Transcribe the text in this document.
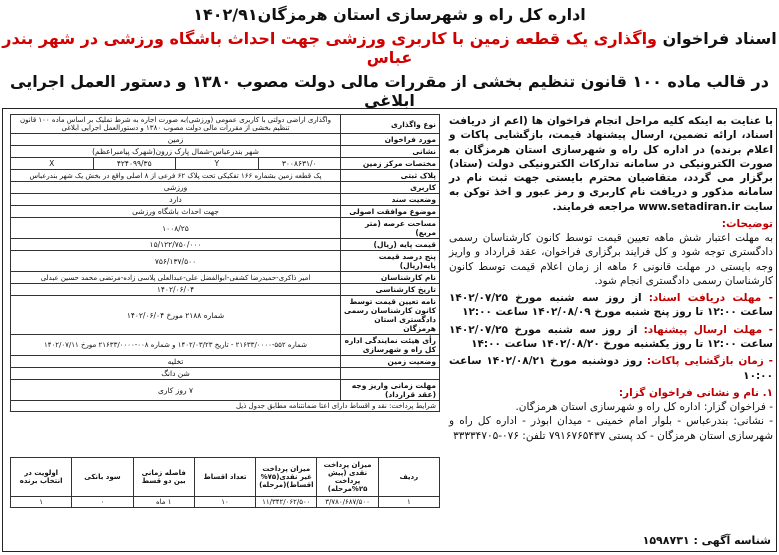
اداره کل راه و شهرسازی استان هرمزگان۱۴۰۲/۹۱
اسناد فراخوان واگذاری یک قطعه زمین با کاربری ورزشی جهت احداث باشگاه ورزشی در شهر بندر عباس
در قالب ماده ۱۰۰ قانون تنظیم بخشی از مقررات مالی دولت مصوب ۱۳۸۰ و دستور العمل اجرایی ابلاغی

با عنایت به اینکه کلیه مراحل انجام فراخوان ها (اعم از دریافت اسناد، ارائه تضمین، ارسال پیشنهاد قیمت، بازگشایی پاکات و اعلام برنده) در اداره کل راه و شهرسازی استان هرمزگان به صورت الکترونیکی در سامانه تدارکات الکترونیکی دولت (ستاد) برگزار می گردد، متقاضیان محترم بایستی جهت ثبت نام در سامانه مذکور و دریافت نام کاربری و رمز عبور و اخذ توکن به سایت www.setadiran.ir مراجعه فرمایند.

توضیحات:
به مهلت اعتبار شش ماهه تعیین قیمت توسط کانون کارشناسان رسمی دادگستری توجه شود و کل فرایند برگزاری فراخوان، عقد قرارداد و واریز وجه بایستی در مهلت قانونی ۶ ماهه از زمان اعلام قیمت توسط کانون کارشناسان رسمی دادگستری انجام شود.

- مهلت دریافت اسناد: از روز سه شنبه مورخ ۱۴۰۲/۰۷/۲۵ ساعت ۱۲:۰۰ تا روز پنج شنبه مورخ ۱۴۰۲/۰۸/۰۹ ساعت ۱۲:۰۰

- مهلت ارسال پیشنهاد: از روز سه شنبه مورخ ۱۴۰۲/۰۷/۲۵ ساعت ۱۲:۰۰ تا روز یکشنبه مورخ ۱۴۰۲/۰۸/۲۰ ساعت ۱۴:۰۰

- زمان بازگشایی پاکات: روز دوشنبه مورخ ۱۴۰۲/۰۸/۲۱ ساعت ۱۰:۰۰

۱. نام و نشانی فراخوان گزار:
- فراخوان گزار: اداره کل راه و شهرسازی استان هرمزگان.
- نشانی: بندرعباس - بلوار امام خمینی - میدان ابوذر - اداره کل راه و شهرسازی استان هرمزگان - کد پستی ۷۹۱۶۷۶۵۴۳۷ تلفن: ۰۷۶-۳۳۳۳۴۷۰۵

شناسه آگهی : ۱۵۹۸۷۳۱
نوع واگذاری	واگذاری اراضی دولتی با کاربری عمومی (ورزشی)به صورت اجاره به شرط تملیک بر اساس ماده ۱۰۰ قانون تنظیم بخشی از مقررات مالی دولت مصوب ۱۳۸۰ و دستورالعمل اجرایی ابلاغی			
مورد فراخوان	زمین			
نشانی	شهر بندرعباس-شمال پارک زرون(شهرک پیامبراعظم)			
مختصات مرکز زمین	۳۰۰۸۶۳۱/۰	Y	۴۲۴۰۹۹/۳۵	X
پلاک ثبتی	پک قطعه زمین بشماره ۱۶۶ تفکیکی تحت پلاک ۶۲ فرعی از ۸ اصلی واقع در بخش یک شهر بندرعباس			
کاربری	ورزشی			
وضعیت سند	دارد			
موضوع موافقت اصولی	جهت احداث باشگاه ورزشی			
مساحت عرصه (متر مربع)	۱۰۰۸/۲۵			
قیمت پایه (ریال)	۱۵/۱۲۲/۷۵۰/۰۰۰			
پنج درصد قیمت پایه(ریال)	۷۵۶/۱۳۷/۵۰۰			
نام کارشناسان	امیر ذاکری-حمیدرضا کشفی-ابوالفضل علی-عبدالعلی پلاسی زاده-مرتضی محمد حسین عبدلی			
تاریخ کارشناسی	۱۴۰۲/۰۶/۰۴			
نامه تعیین قیمت توسط کانون کارشناسان رسمی دادگستری استان هرمزگان	شماره ۲۱۸۸ مورخ ۱۴۰۲/۰۶/۰۴			
رأی هیئت نمایندگی اداره کل راه و شهرسازی	شماره ۵۵۲-۲۱۶۳۳/۰۰۰۰ - تاریخ ۱۴۰۲/۰۳/۲۳ و شماره ۰۰۸-۲۱۶۳۳/۰۰۰۰ مورخ ۱۴۰۲/۰۷/۱۱			
وضعیت زمین	تخلیه			
	شن دانگ			
مهلت زمانی واریز وجه (عقد قرارداد)	۷ روز کاری			
شرایط پرداخت: نقد و اقساط دارای اعتا ضمانتنامه مطابق جدول ذیل				
ردیف	میزان پرداخت نقدی (پیش پرداخت ۲۵%مرحله)	میزان پرداخت غیر نقدی(۷۵% اقساط)(مرحله)	تعداد اقساط	فاصله زمانی بین دو قسط	سود بانکی	اولویت در انتخاب برنده
۱	۳/۷۸۰/۶۸۷/۵۰۰	۱۱/۳۴۲/۰۶۲/۵۰۰	۱۰	۱ ماه	۰	۱
